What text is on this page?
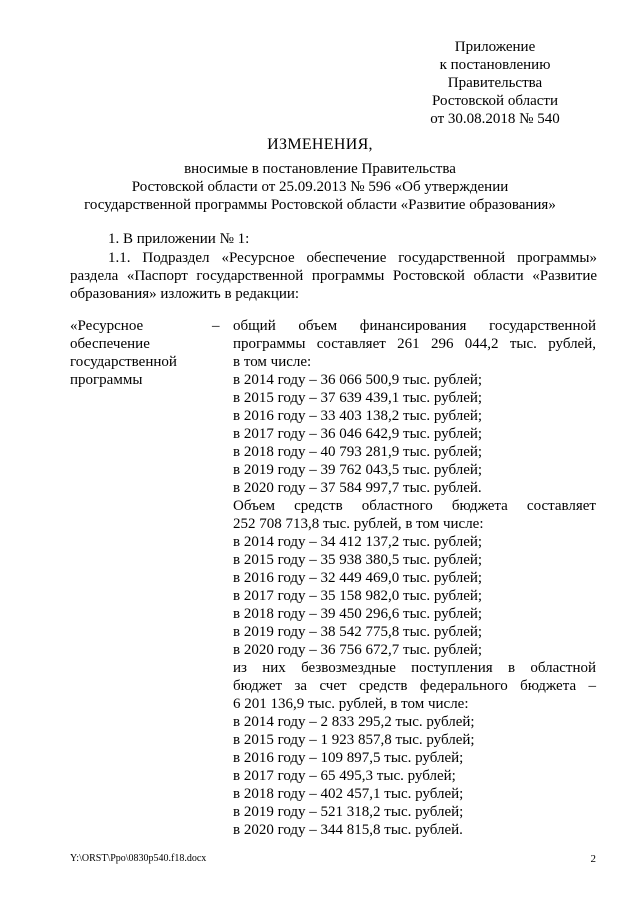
Приложение
к постановлению
Правительства
Ростовской области
от 30.08.2018 № 540
ИЗМЕНЕНИЯ,
вносимые в постановление Правительства
Ростовской области от 25.09.2013 № 596 «Об утверждении
государственной программы Ростовской области «Развитие образования»
1. В приложении № 1:
1.1. Подраздел «Ресурсное обеспечение государственной программы»
раздела «Паспорт государственной программы Ростовской области «Развитие
образования» изложить в редакции:
«Ресурсное
обеспечение
государственной
программы
– общий объем финансирования государственной
программы составляет 261 296 044,2 тыс. рублей,
в том числе:
в 2014 году – 36 066 500,9 тыс. рублей;
в 2015 году – 37 639 439,1 тыс. рублей;
в 2016 году – 33 403 138,2 тыс. рублей;
в 2017 году – 36 046 642,9 тыс. рублей;
в 2018 году – 40 793 281,9 тыс. рублей;
в 2019 году – 39 762 043,5 тыс. рублей;
в 2020 году – 37 584 997,7 тыс. рублей.
Объем средств областного бюджета составляет
252 708 713,8 тыс. рублей, в том числе:
в 2014 году – 34 412 137,2 тыс. рублей;
в 2015 году – 35 938 380,5 тыс. рублей;
в 2016 году – 32 449 469,0 тыс. рублей;
в 2017 году – 35 158 982,0 тыс. рублей;
в 2018 году – 39 450 296,6 тыс. рублей;
в 2019 году – 38 542 775,8 тыс. рублей;
в 2020 году – 36 756 672,7 тыс. рублей;
из них безвозмездные поступления в областной
бюджет за счет средств федерального бюджета –
6 201 136,9 тыс. рублей, в том числе:
в 2014 году – 2 833 295,2 тыс. рублей;
в 2015 году – 1 923 857,8 тыс. рублей;
в 2016 году – 109 897,5 тыс. рублей;
в 2017 году – 65 495,3 тыс. рублей;
в 2018 году – 402 457,1 тыс. рублей;
в 2019 году – 521 318,2 тыс. рублей;
в 2020 году – 344 815,8 тыс. рублей.
Y:\ORST\Ppo\0830p540.f18.docx	2
